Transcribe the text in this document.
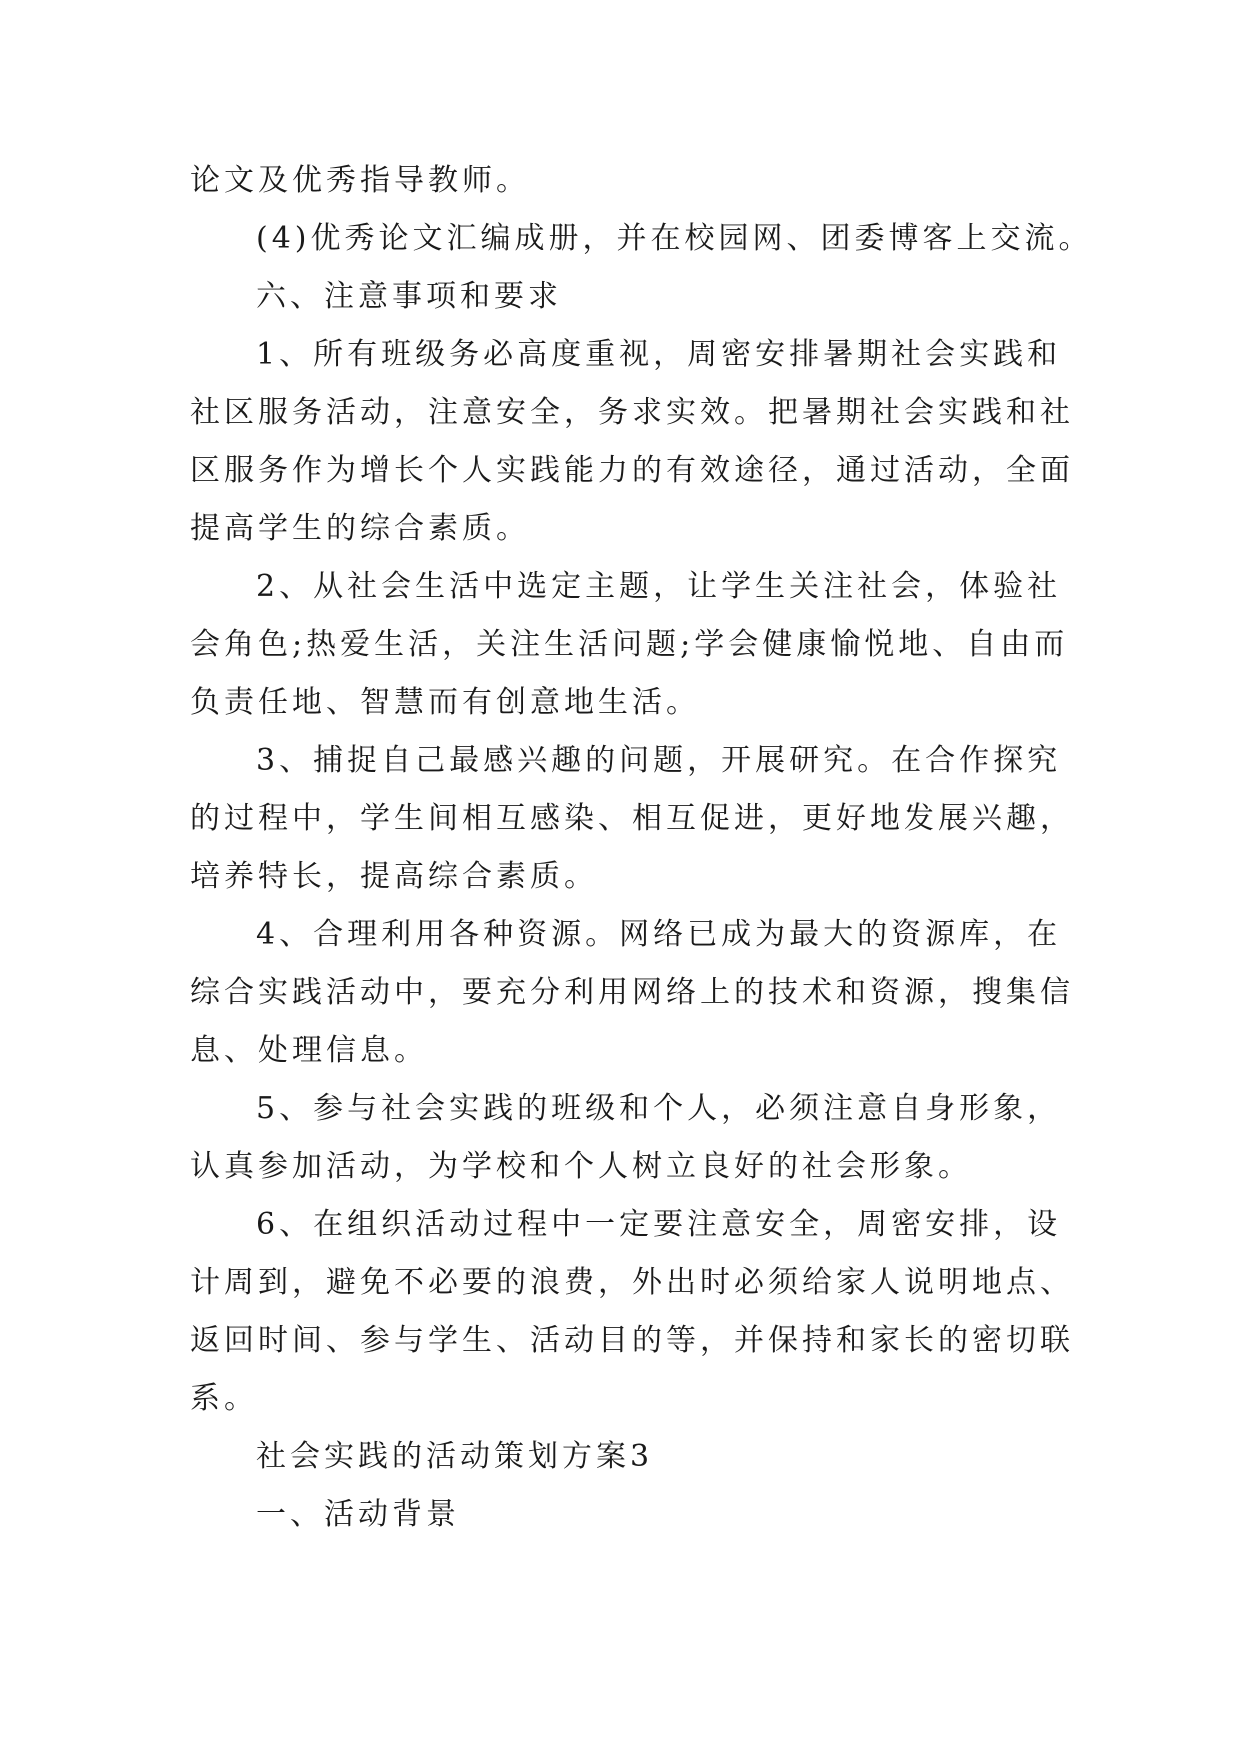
论文及优秀指导教师。
(4)优秀论文汇编成册，并在校园网、团委博客上交流。
六、注意事项和要求
1、所有班级务必高度重视，周密安排暑期社会实践和
社区服务活动，注意安全，务求实效。把暑期社会实践和社
区服务作为增长个人实践能力的有效途径，通过活动，全面
提高学生的综合素质。
2、从社会生活中选定主题，让学生关注社会，体验社
会角色;热爱生活，关注生活问题;学会健康愉悦地、自由而
负责任地、智慧而有创意地生活。
3、捕捉自己最感兴趣的问题，开展研究。在合作探究
的过程中，学生间相互感染、相互促进，更好地发展兴趣，
培养特长，提高综合素质。
4、合理利用各种资源。网络已成为最大的资源库，在
综合实践活动中，要充分利用网络上的技术和资源，搜集信
息、处理信息。
5、参与社会实践的班级和个人，必须注意自身形象，
认真参加活动，为学校和个人树立良好的社会形象。
6、在组织活动过程中一定要注意安全，周密安排，设
计周到，避免不必要的浪费，外出时必须给家人说明地点、
返回时间、参与学生、活动目的等，并保持和家长的密切联
系。
社会实践的活动策划方案3
一、活动背景
